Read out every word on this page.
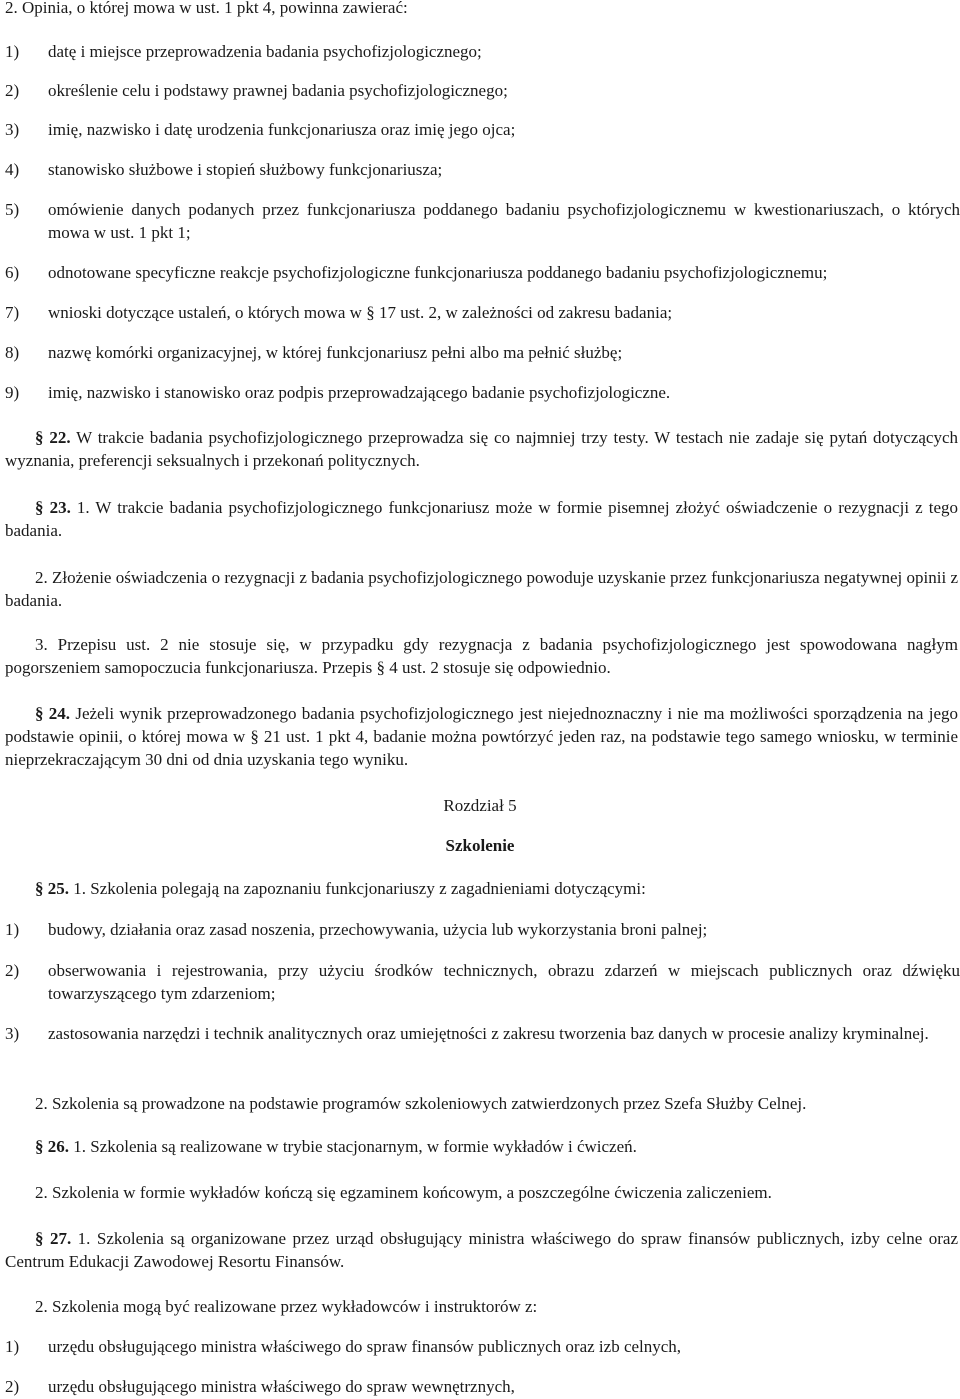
2. Opinia, o której mowa w ust. 1 pkt 4, powinna zawierać:
1) datę i miejsce przeprowadzenia badania psychofizjologicznego;
2) określenie celu i podstawy prawnej badania psychofizjologicznego;
3) imię, nazwisko i datę urodzenia funkcjonariusza oraz imię jego ojca;
4) stanowisko służbowe i stopień służbowy funkcjonariusza;
5) omówienie danych podanych przez funkcjonariusza poddanego badaniu psychofizjologicznemu w kwestionariuszach, o których mowa w ust. 1 pkt 1;
6) odnotowane specyficzne reakcje psychofizjologiczne funkcjonariusza poddanego badaniu psychofizjologicznemu;
7) wnioski dotyczące ustaleń, o których mowa w § 17 ust. 2, w zależności od zakresu badania;
8) nazwę komórki organizacyjnej, w której funkcjonariusz pełni albo ma pełnić służbę;
9) imię, nazwisko i stanowisko oraz podpis przeprowadzającego badanie psychofizjologiczne.
§ 22. W trakcie badania psychofizjologicznego przeprowadza się co najmniej trzy testy. W testach nie zadaje się pytań dotyczących wyznania, preferencji seksualnych i przekonań politycznych.
§ 23. 1. W trakcie badania psychofizjologicznego funkcjonariusz może w formie pisemnej złożyć oświadczenie o rezygnacji z tego badania.
2. Złożenie oświadczenia o rezygnacji z badania psychofizjologicznego powoduje uzyskanie przez funkcjonariusza negatywnej opinii z badania.
3. Przepisu ust. 2 nie stosuje się, w przypadku gdy rezygnacja z badania psychofizjologicznego jest spowodowana nagłym pogorszeniem samopoczucia funkcjonariusza. Przepis § 4 ust. 2 stosuje się odpowiednio.
§ 24. Jeżeli wynik przeprowadzonego badania psychofizjologicznego jest niejednoznaczny i nie ma możliwości sporządzenia na jego podstawie opinii, o której mowa w § 21 ust. 1 pkt 4, badanie można powtórzyć jeden raz, na podstawie tego samego wniosku, w terminie nieprzekraczającym 30 dni od dnia uzyskania tego wyniku.
Rozdział 5
Szkolenie
§ 25. 1. Szkolenia polegają na zapoznaniu funkcjonariuszy z zagadnieniami dotyczącymi:
1) budowy, działania oraz zasad noszenia, przechowywania, użycia lub wykorzystania broni palnej;
2) obserwowania i rejestrowania, przy użyciu środków technicznych, obrazu zdarzeń w miejscach publicznych oraz dźwięku towarzyszącego tym zdarzeniom;
3) zastosowania narzędzi i technik analitycznych oraz umiejętności z zakresu tworzenia baz danych w procesie analizy kryminalnej.
2. Szkolenia są prowadzone na podstawie programów szkoleniowych zatwierdzonych przez Szefa Służby Celnej.
§ 26. 1. Szkolenia są realizowane w trybie stacjonarnym, w formie wykładów i ćwiczeń.
2. Szkolenia w formie wykładów kończą się egzaminem końcowym, a poszczególne ćwiczenia zaliczeniem.
§ 27. 1. Szkolenia są organizowane przez urząd obsługujący ministra właściwego do spraw finansów publicznych, izby celne oraz Centrum Edukacji Zawodowej Resortu Finansów.
2. Szkolenia mogą być realizowane przez wykładowców i instruktorów z:
1) urzędu obsługującego ministra właściwego do spraw finansów publicznych oraz izb celnych,
2) urzędu obsługującego ministra właściwego do spraw wewnętrznych,
